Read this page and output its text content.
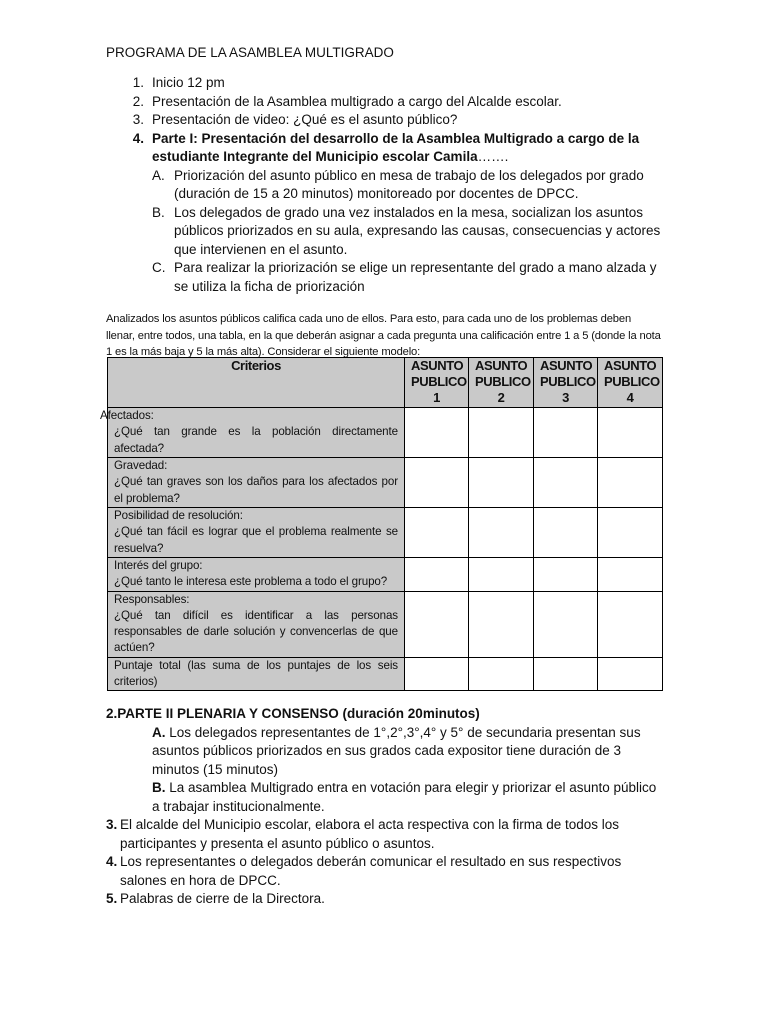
PROGRAMA DE LA ASAMBLEA MULTIGRADO
1. Inicio 12 pm
2. Presentación de la Asamblea multigrado a cargo del Alcalde escolar.
3. Presentación de video: ¿Qué es el asunto público?
4. Parte I: Presentación del desarrollo de la Asamblea Multigrado a cargo de la estudiante Integrante del Municipio escolar Camila…….
A. Priorización del asunto público en mesa de trabajo de los delegados por grado (duración de 15 a 20 minutos) monitoreado por docentes de DPCC.
B. Los delegados de grado una vez instalados en la mesa, socializan los asuntos públicos priorizados en su aula, expresando las causas, consecuencias y actores que intervienen en el asunto.
C. Para realizar la priorización se elige un representante del grado a mano alzada y se utiliza la ficha de priorización
Analizados los asuntos públicos califica cada uno de ellos. Para esto, para cada uno de los problemas deben llenar, entre todos, una tabla, en la que deberán asignar a cada pregunta una calificación entre 1 a 5 (donde la nota 1 es la más baja y 5 la más alta). Considerar el siguiente modelo:
Criterios	ASUNTO PUBLICO 1	ASUNTO PUBLICO 2	ASUNTO PUBLICO 3	ASUNTO PUBLICO 4
Afectados:
¿Qué tan grande es la población directamente afectada?				

Gravedad:
¿Qué tan graves son los daños para los afectados por el problema?				

Posibilidad de resolución:
¿Qué tan fácil es lograr que el problema realmente se resuelva?				

Interés del grupo:
¿Qué tanto le interesa este problema a todo el grupo?				

Responsables:
¿Qué tan difícil es identificar a las personas responsables de darle solución y convencerlas de que actúen?				

Puntaje total (las suma de los puntajes de los seis criterios)				

2.PARTE II PLENARIA Y CONSENSO (duración 20minutos)
A. Los delegados representantes de 1°,2°,3°,4° y 5° de secundaria presentan sus asuntos públicos priorizados en sus grados cada expositor tiene duración de 3 minutos (15 minutos)
B. La asamblea Multigrado entra en votación para elegir y priorizar el asunto público a trabajar institucionalmente.
3. El alcalde del Municipio escolar, elabora el acta respectiva con la firma de todos los participantes y presenta el asunto público o asuntos.
4. Los representantes o delegados deberán comunicar el resultado en sus respectivos salones en hora de DPCC.
5. Palabras de cierre de la Directora.
